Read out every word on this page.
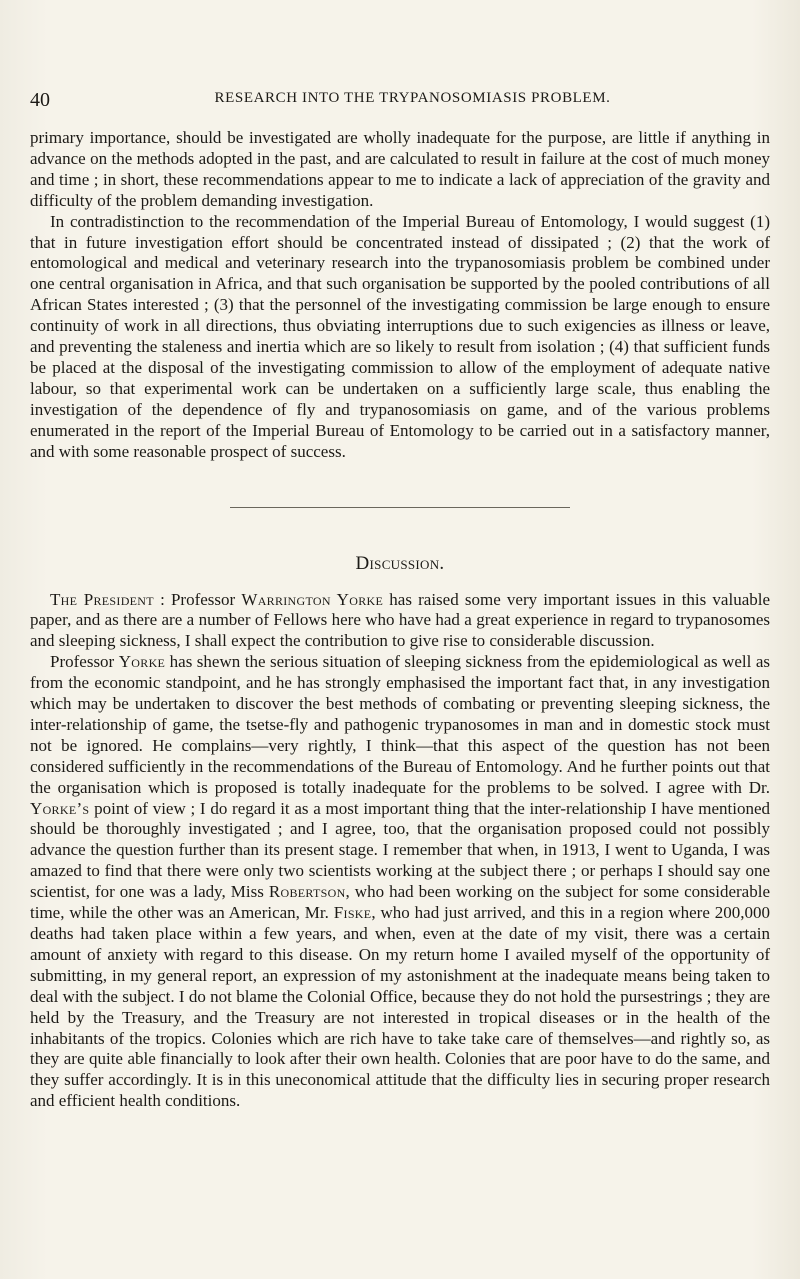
40	RESEARCH INTO THE TRYPANOSOMIASIS PROBLEM.

primary importance, should be investigated are wholly inadequate for the purpose, are little if anything in advance on the methods adopted in the past, and are calculated to result in failure at the cost of much money and time ; in short, these recommendations appear to me to indicate a lack of appreciation of the gravity and difficulty of the problem demanding investigation.

In contradistinction to the recommendation of the Imperial Bureau of Entomology, I would suggest (1) that in future investigation effort should be concentrated instead of dissipated ; (2) that the work of entomological and medical and veterinary research into the trypanosomiasis problem be combined under one central organisation in Africa, and that such organisation be supported by the pooled contributions of all African States interested ; (3) that the personnel of the investigating commission be large enough to ensure continuity of work in all directions, thus obviating interruptions due to such exigencies as illness or leave, and preventing the staleness and inertia which are so likely to result from isolation ; (4) that sufficient funds be placed at the disposal of the investigating commission to allow of the employment of adequate native labour, so that experimental work can be undertaken on a sufficiently large scale, thus enabling the investigation of the dependence of fly and trypanosomiasis on game, and of the various problems enumerated in the report of the Imperial Bureau of Entomology to be carried out in a satisfactory manner, and with some reasonable prospect of success.

Discussion.

The President : Professor Warrington Yorke has raised some very important issues in this valuable paper, and as there are a number of Fellows here who have had a great experience in regard to trypanosomes and sleeping sickness, I shall expect the contribution to give rise to considerable discussion.

Professor Yorke has shewn the serious situation of sleeping sickness from the epidemiological as well as from the economic standpoint, and he has strongly emphasised the important fact that, in any investigation which may be undertaken to discover the best methods of combating or preventing sleeping sickness, the inter-relationship of game, the tsetse-fly and pathogenic trypanosomes in man and in domestic stock must not be ignored. He complains—very rightly, I think—that this aspect of the question has not been considered sufficiently in the recommendations of the Bureau of Entomology. And he further points out that the organisation which is proposed is totally inadequate for the problems to be solved. I agree with Dr. Yorke’s point of view ; I do regard it as a most important thing that the inter-relationship I have mentioned should be thoroughly investigated ; and I agree, too, that the organisation proposed could not possibly advance the question further than its present stage. I remember that when, in 1913, I went to Uganda, I was amazed to find that there were only two scientists working at the subject there ; or perhaps I should say one scientist, for one was a lady, Miss Robertson, who had been working on the subject for some considerable time, while the other was an American, Mr. Fiske, who had just arrived, and this in a region where 200,000 deaths had taken place within a few years, and when, even at the date of my visit, there was a certain amount of anxiety with regard to this disease. On my return home I availed myself of the opportunity of submitting, in my general report, an expression of my astonishment at the inadequate means being taken to deal with the subject. I do not blame the Colonial Office, because they do not hold the pursestrings ; they are held by the Treasury, and the Treasury are not interested in tropical diseases or in the health of the inhabitants of the tropics. Colonies which are rich have to take take care of themselves—and rightly so, as they are quite able financially to look after their own health. Colonies that are poor have to do the same, and they suffer accordingly. It is in this uneconomical attitude that the difficulty lies in securing proper research and efficient health conditions.
